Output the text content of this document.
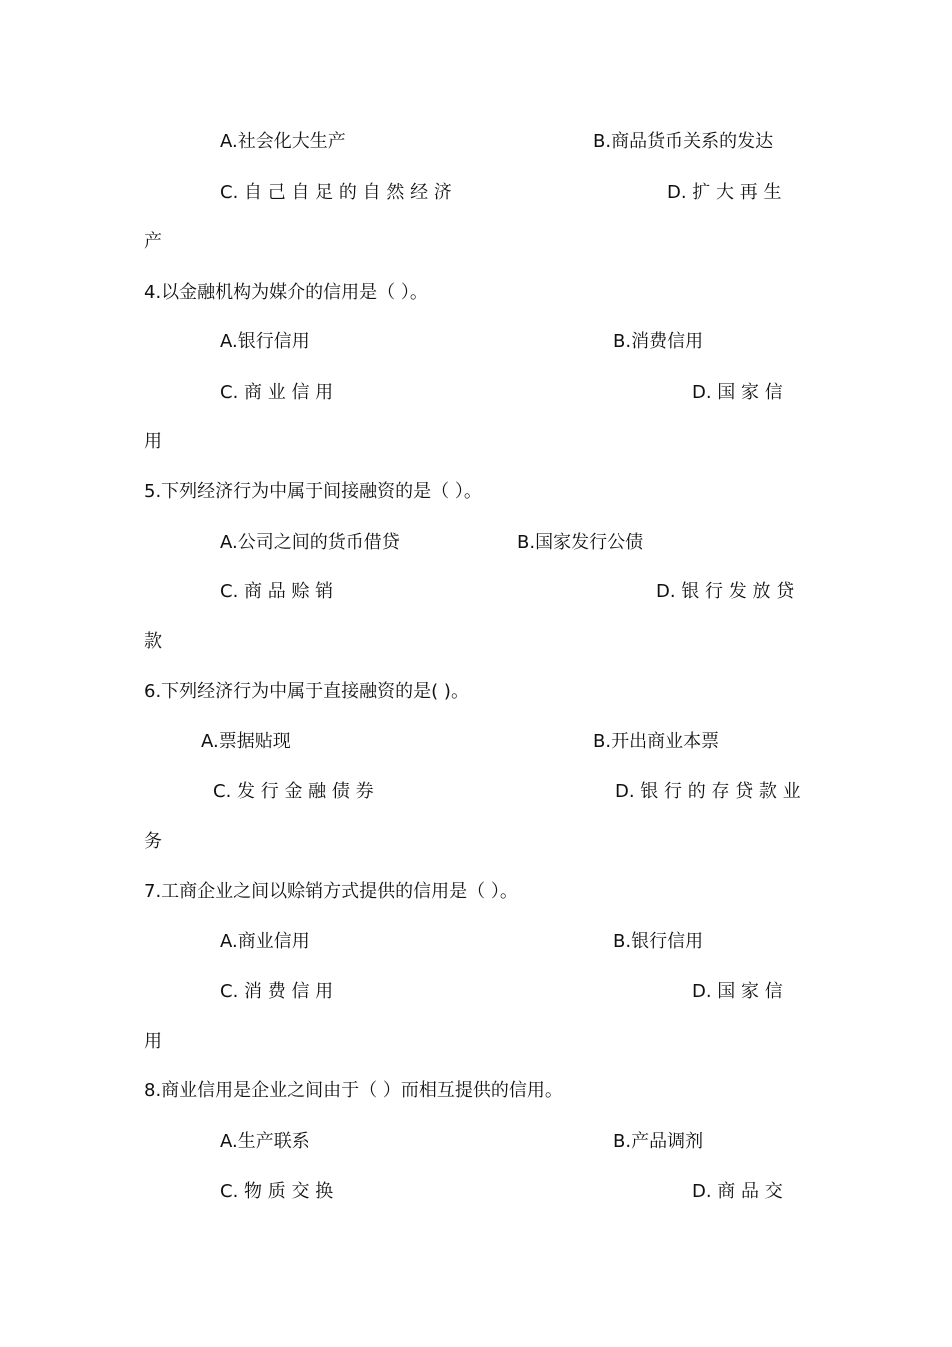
A.社会化大生产	B.商品货币关系的发达
C. 自 己 自 足 的 自 然 经 济	D. 扩 大 再 生
产
4.以金融机构为媒介的信用是（ ）。
A.银行信用	B.消费信用
C. 商 业 信 用	D. 国 家 信
用
5.下列经济行为中属于间接融资的是（ ）。
A.公司之间的货币借贷	B.国家发行公债
C. 商 品 赊 销	D. 银 行 发 放 贷
款
6.下列经济行为中属于直接融资的是( )。
A.票据贴现	B.开出商业本票
C. 发 行 金 融 债 券	D. 银 行 的 存 贷 款 业
务
7.工商企业之间以赊销方式提供的信用是（ ）。
A.商业信用	B.银行信用
C. 消 费 信 用	D. 国 家 信
用
8.商业信用是企业之间由于（ ）而相互提供的信用。
A.生产联系	B.产品调剂
C. 物 质 交 换	D. 商 品 交
